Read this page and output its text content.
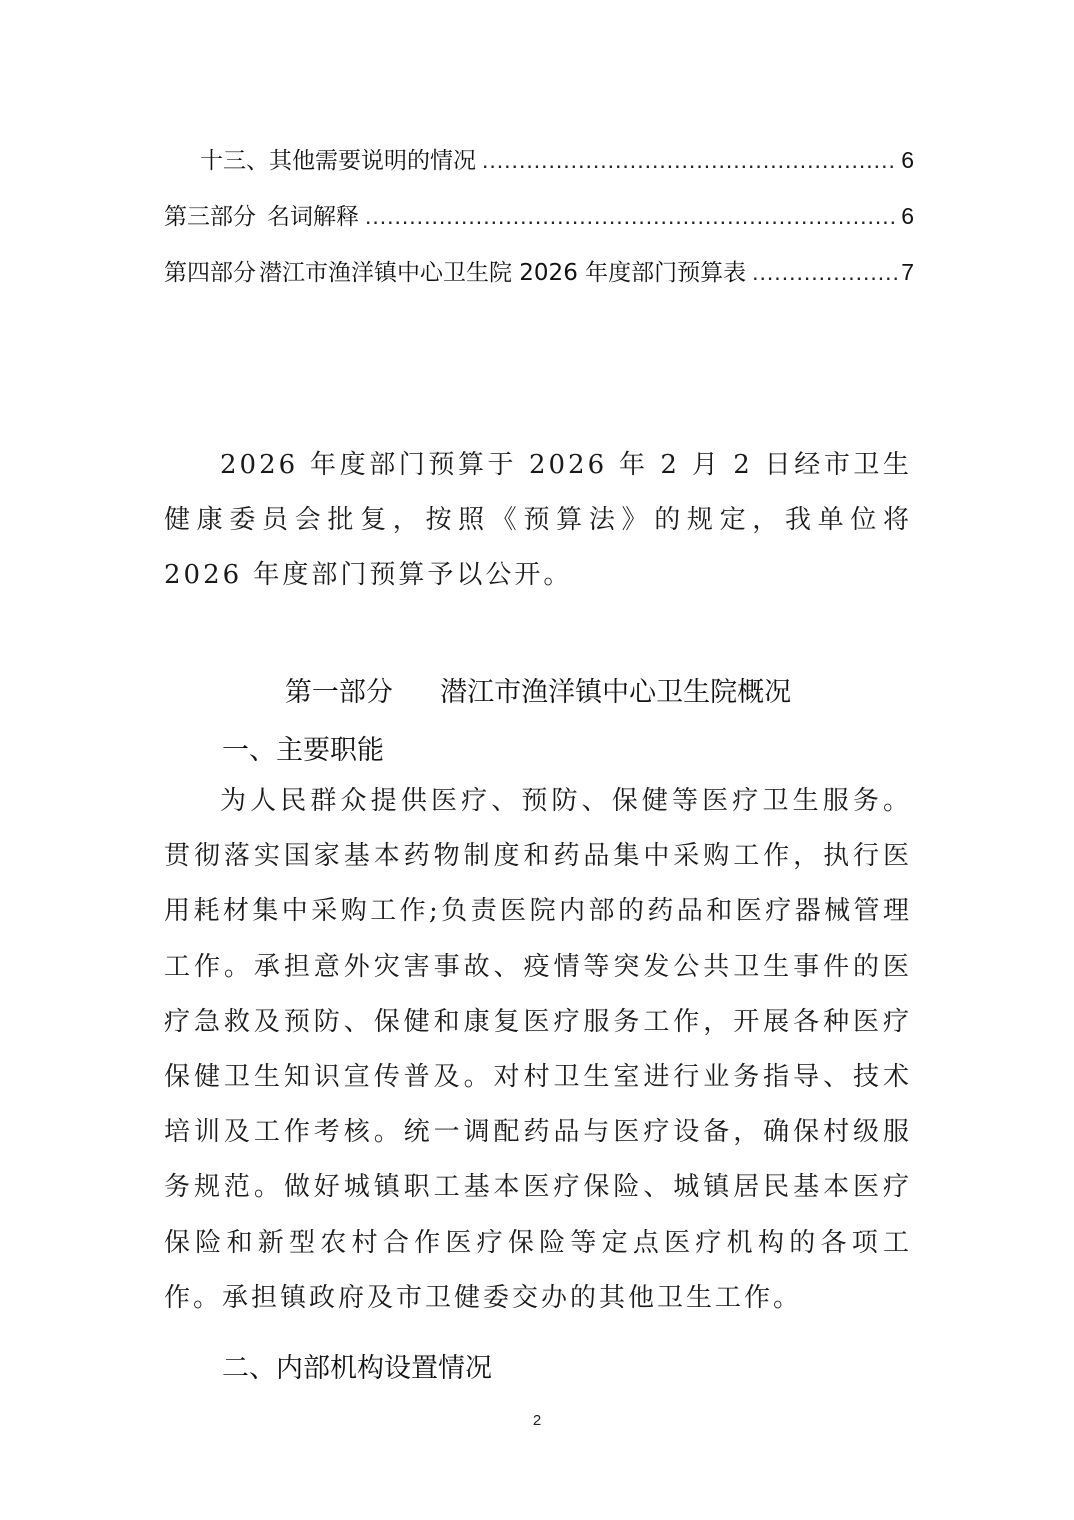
十三、其他需要说明的情况 .....	6
第三部分 名词解释 .....	6
第四部分 潜江市渔洋镇中心卫生院 2026 年度部门预算表 .....	7

2026 年度部门预算于 2026 年 2 月 2 日经市卫生健康委员会批复，按照《预算法》的规定，我单位将 2026 年度部门预算予以公开。

第一部分 潜江市渔洋镇中心卫生院概况
一、主要职能

为人民群众提供医疗、预防、保健等医疗卫生服务。贯彻落实国家基本药物制度和药品集中采购工作，执行医用耗材集中采购工作;负责医院内部的药品和医疗器械管理工作。承担意外灾害事故、疫情等突发公共卫生事件的医疗急救及预防、保健和康复医疗服务工作，开展各种医疗保健卫生知识宣传普及。对村卫生室进行业务指导、技术培训及工作考核。统一调配药品与医疗设备，确保村级服务规范。做好城镇职工基本医疗保险、城镇居民基本医疗保险和新型农村合作医疗保险等定点医疗机构的各项工作。承担镇政府及市卫健委交办的其他卫生工作。

二、内部机构设置情况
2
